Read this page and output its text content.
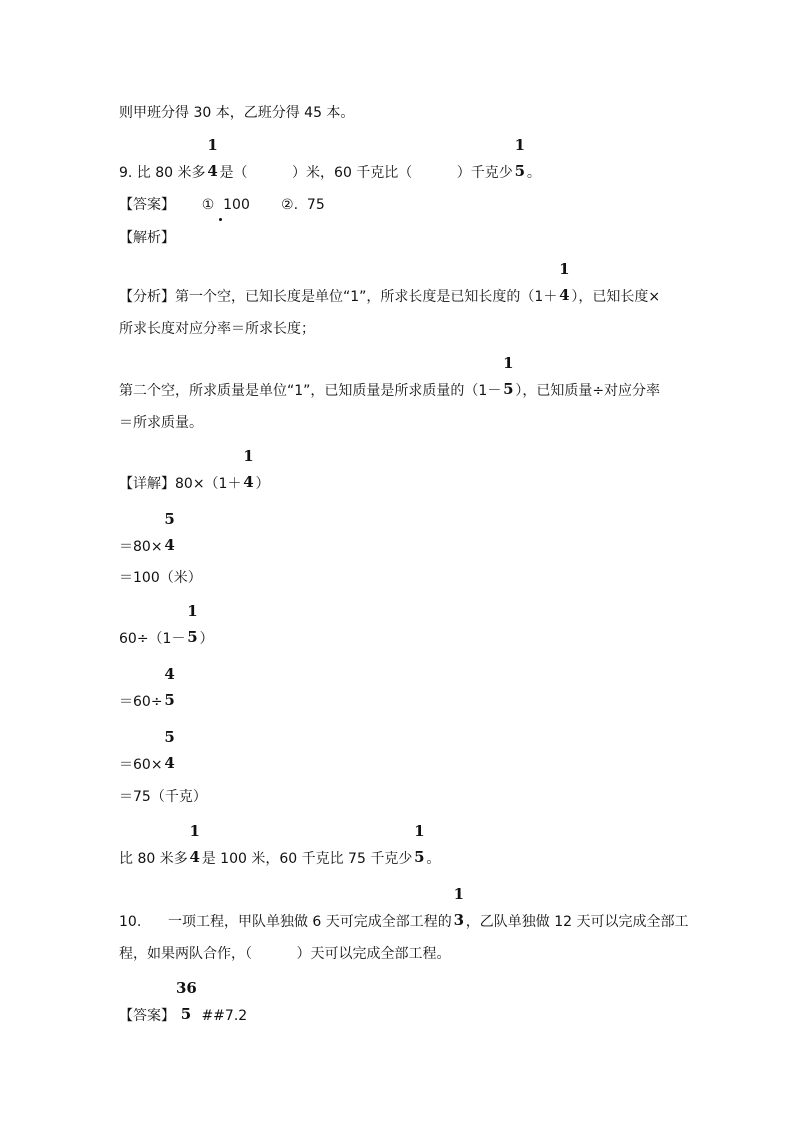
则甲班分得 30 本，乙班分得 45 本。
9. 比 80 米多
1
4 是（          ）米，60 千克比（          ）千克少
1
5 。
【答案】      ①  100       ②.  75
【解析】
【分析】第一个空，已知长度是单位“1”，所求长度是已知长度的（1＋
1
4 ），已知长度×
所求长度对应分率＝所求长度；
第二个空，所求质量是单位“1”，已知质量是所求质量的（1－
1
5 ），已知质量÷对应分率
＝所求质量。
【详解】80×（1＋
1
4 ）
＝80×
5
4
＝100（米）
60÷（1－
1
5 ）
＝60÷
4
5
＝60×
5
4
＝75（千克）
比 80 米多
1
4 是 100 米，60 千克比 75 千克少
1
5 。
10.      一项工程，甲队单独做 6 天可完成全部工程的
1
3 ，乙队单独做 12 天可以完成全部工
程，如果两队合作，（          ）天可以完成全部工程。
【答案】
36
5 ##7.2
